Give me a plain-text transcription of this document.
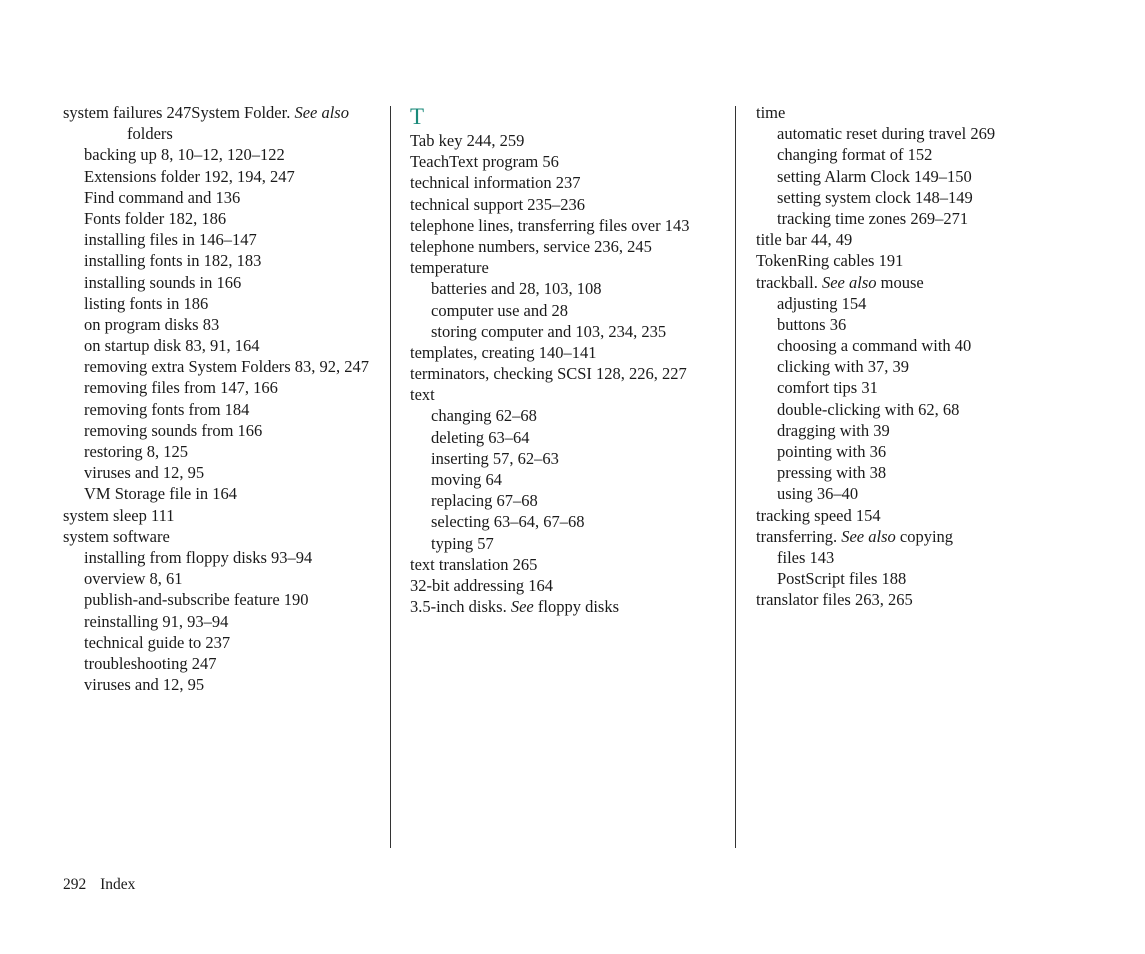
system failures 247System Folder. See also
folders
backing up 8, 10–12, 120–122
Extensions folder 192, 194, 247
Find command and 136
Fonts folder 182, 186
installing files in 146–147
installing fonts in 182, 183
installing sounds in 166
listing fonts in 186
on program disks 83
on startup disk 83, 91, 164
removing extra System Folders 83, 92, 247
removing files from 147, 166
removing fonts from 184
removing sounds from 166
restoring 8, 125
viruses and 12, 95
VM Storage file in 164
system sleep 111
system software
installing from floppy disks 93–94
overview 8, 61
publish-and-subscribe feature 190
reinstalling 91, 93–94
technical guide to 237
troubleshooting 247
viruses and 12, 95
T
Tab key 244, 259
TeachText program 56
technical information 237
technical support 235–236
telephone lines, transferring files over 143
telephone numbers, service 236, 245
temperature
batteries and 28, 103, 108
computer use and 28
storing computer and 103, 234, 235
templates, creating 140–141
terminators, checking SCSI 128, 226, 227
text
changing 62–68
deleting 63–64
inserting 57, 62–63
moving 64
replacing 67–68
selecting 63–64, 67–68
typing 57
text translation 265
32-bit addressing 164
3.5-inch disks. See floppy disks
time
automatic reset during travel 269
changing format of 152
setting Alarm Clock 149–150
setting system clock 148–149
tracking time zones 269–271
title bar 44, 49
TokenRing cables 191
trackball. See also mouse
adjusting 154
buttons 36
choosing a command with 40
clicking with 37, 39
comfort tips 31
double-clicking with 62, 68
dragging with 39
pointing with 36
pressing with 38
using 36–40
tracking speed 154
transferring. See also copying
files 143
PostScript files 188
translator files 263, 265
292 Index
